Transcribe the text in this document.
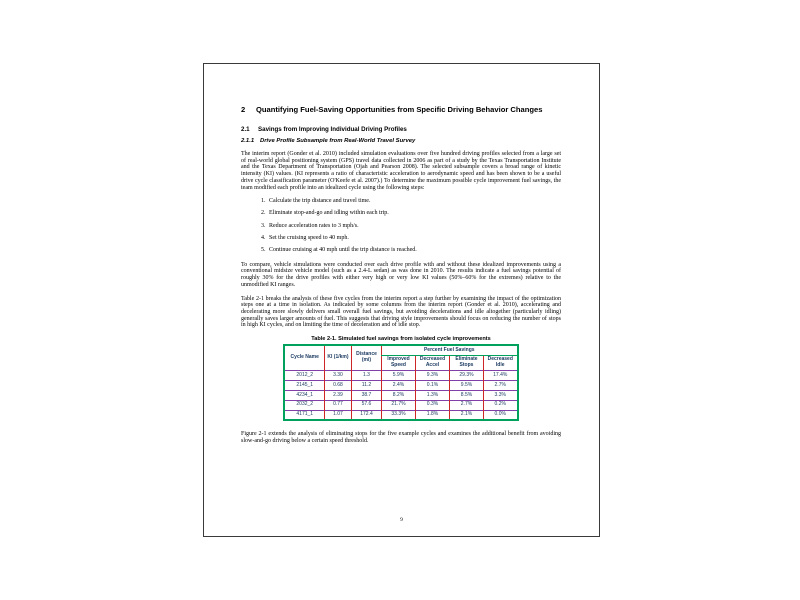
2	Quantifying Fuel-Saving Opportunities from Specific Driving Behavior Changes
2.1	Savings from Improving Individual Driving Profiles
2.1.1 Drive Profile Subsample from Real-World Travel Survey

The interim report (Gonder et al. 2010) included simulation evaluations over five hundred driving profiles selected from a large set of real-world global positioning system (GPS) travel data collected in 2006 as part of a study by the Texas Transportation Institute and the Texas Department of Transportation (Ojah and Pearson 2008). The selected subsample covers a broad range of kinetic intensity (KI) values. (KI represents a ratio of characteristic acceleration to aerodynamic speed and has been shown to be a useful drive cycle classification parameter (O'Keefe et al. 2007).) To determine the maximum possible cycle improvement fuel savings, the team modified each profile into an idealized cycle using the following steps:

1. Calculate the trip distance and travel time.
2. Eliminate stop-and-go and idling within each trip.
3. Reduce acceleration rates to 3 mph/s.
4. Set the cruising speed to 40 mph.
5. Continue cruising at 40 mph until the trip distance is reached.

To compare, vehicle simulations were conducted over each drive profile with and without these idealized improvements using a conventional midsize vehicle model (such as a 2.4-L sedan) as was done in 2010. The results indicate a fuel savings potential of roughly 30% for the drive profiles with either very high or very low KI values (50%–60% for the extremes) relative to the unmodified KI ranges.

Table 2-1 breaks the analysis of these five cycles from the interim report a step further by examining the impact of the optimization steps one at a time in isolation. As indicated by some columns from the interim report (Gonder et al. 2010), accelerating and decelerating more slowly delivers small overall fuel savings, but avoiding decelerations and idle altogether (particularly idling) generally saves larger amounts of fuel. This suggests that driving style improvements should focus on reducing the number of stops in high KI cycles, and on limiting the time of deceleration and of idle stop.

Table 2-1. Simulated fuel savings from isolated cycle improvements
Cycle Name	KI (1/km)	Distance (mi)	Percent Fuel Savings			
			Improved Speed	Decreased Accel	Eliminate Stops	Decreased Idle
2012_2	3.30	1.3	5.9%	9.3%	29.3%	17.4%
2145_1	0.68	11.2	2.4%	0.1%	9.5%	2.7%
4234_1	2.39	38.7	8.2%	1.3%	8.5%	3.3%
2032_2	0.77	57.6	21.7%	0.3%	2.7%	0.2%
4171_1	1.07	172.4	33.3%	1.8%	2.1%	0.0%

Figure 2-1 extends the analysis of eliminating stops for the five example cycles and examines the additional benefit from avoiding slow-and-go driving below a certain speed threshold.

9
